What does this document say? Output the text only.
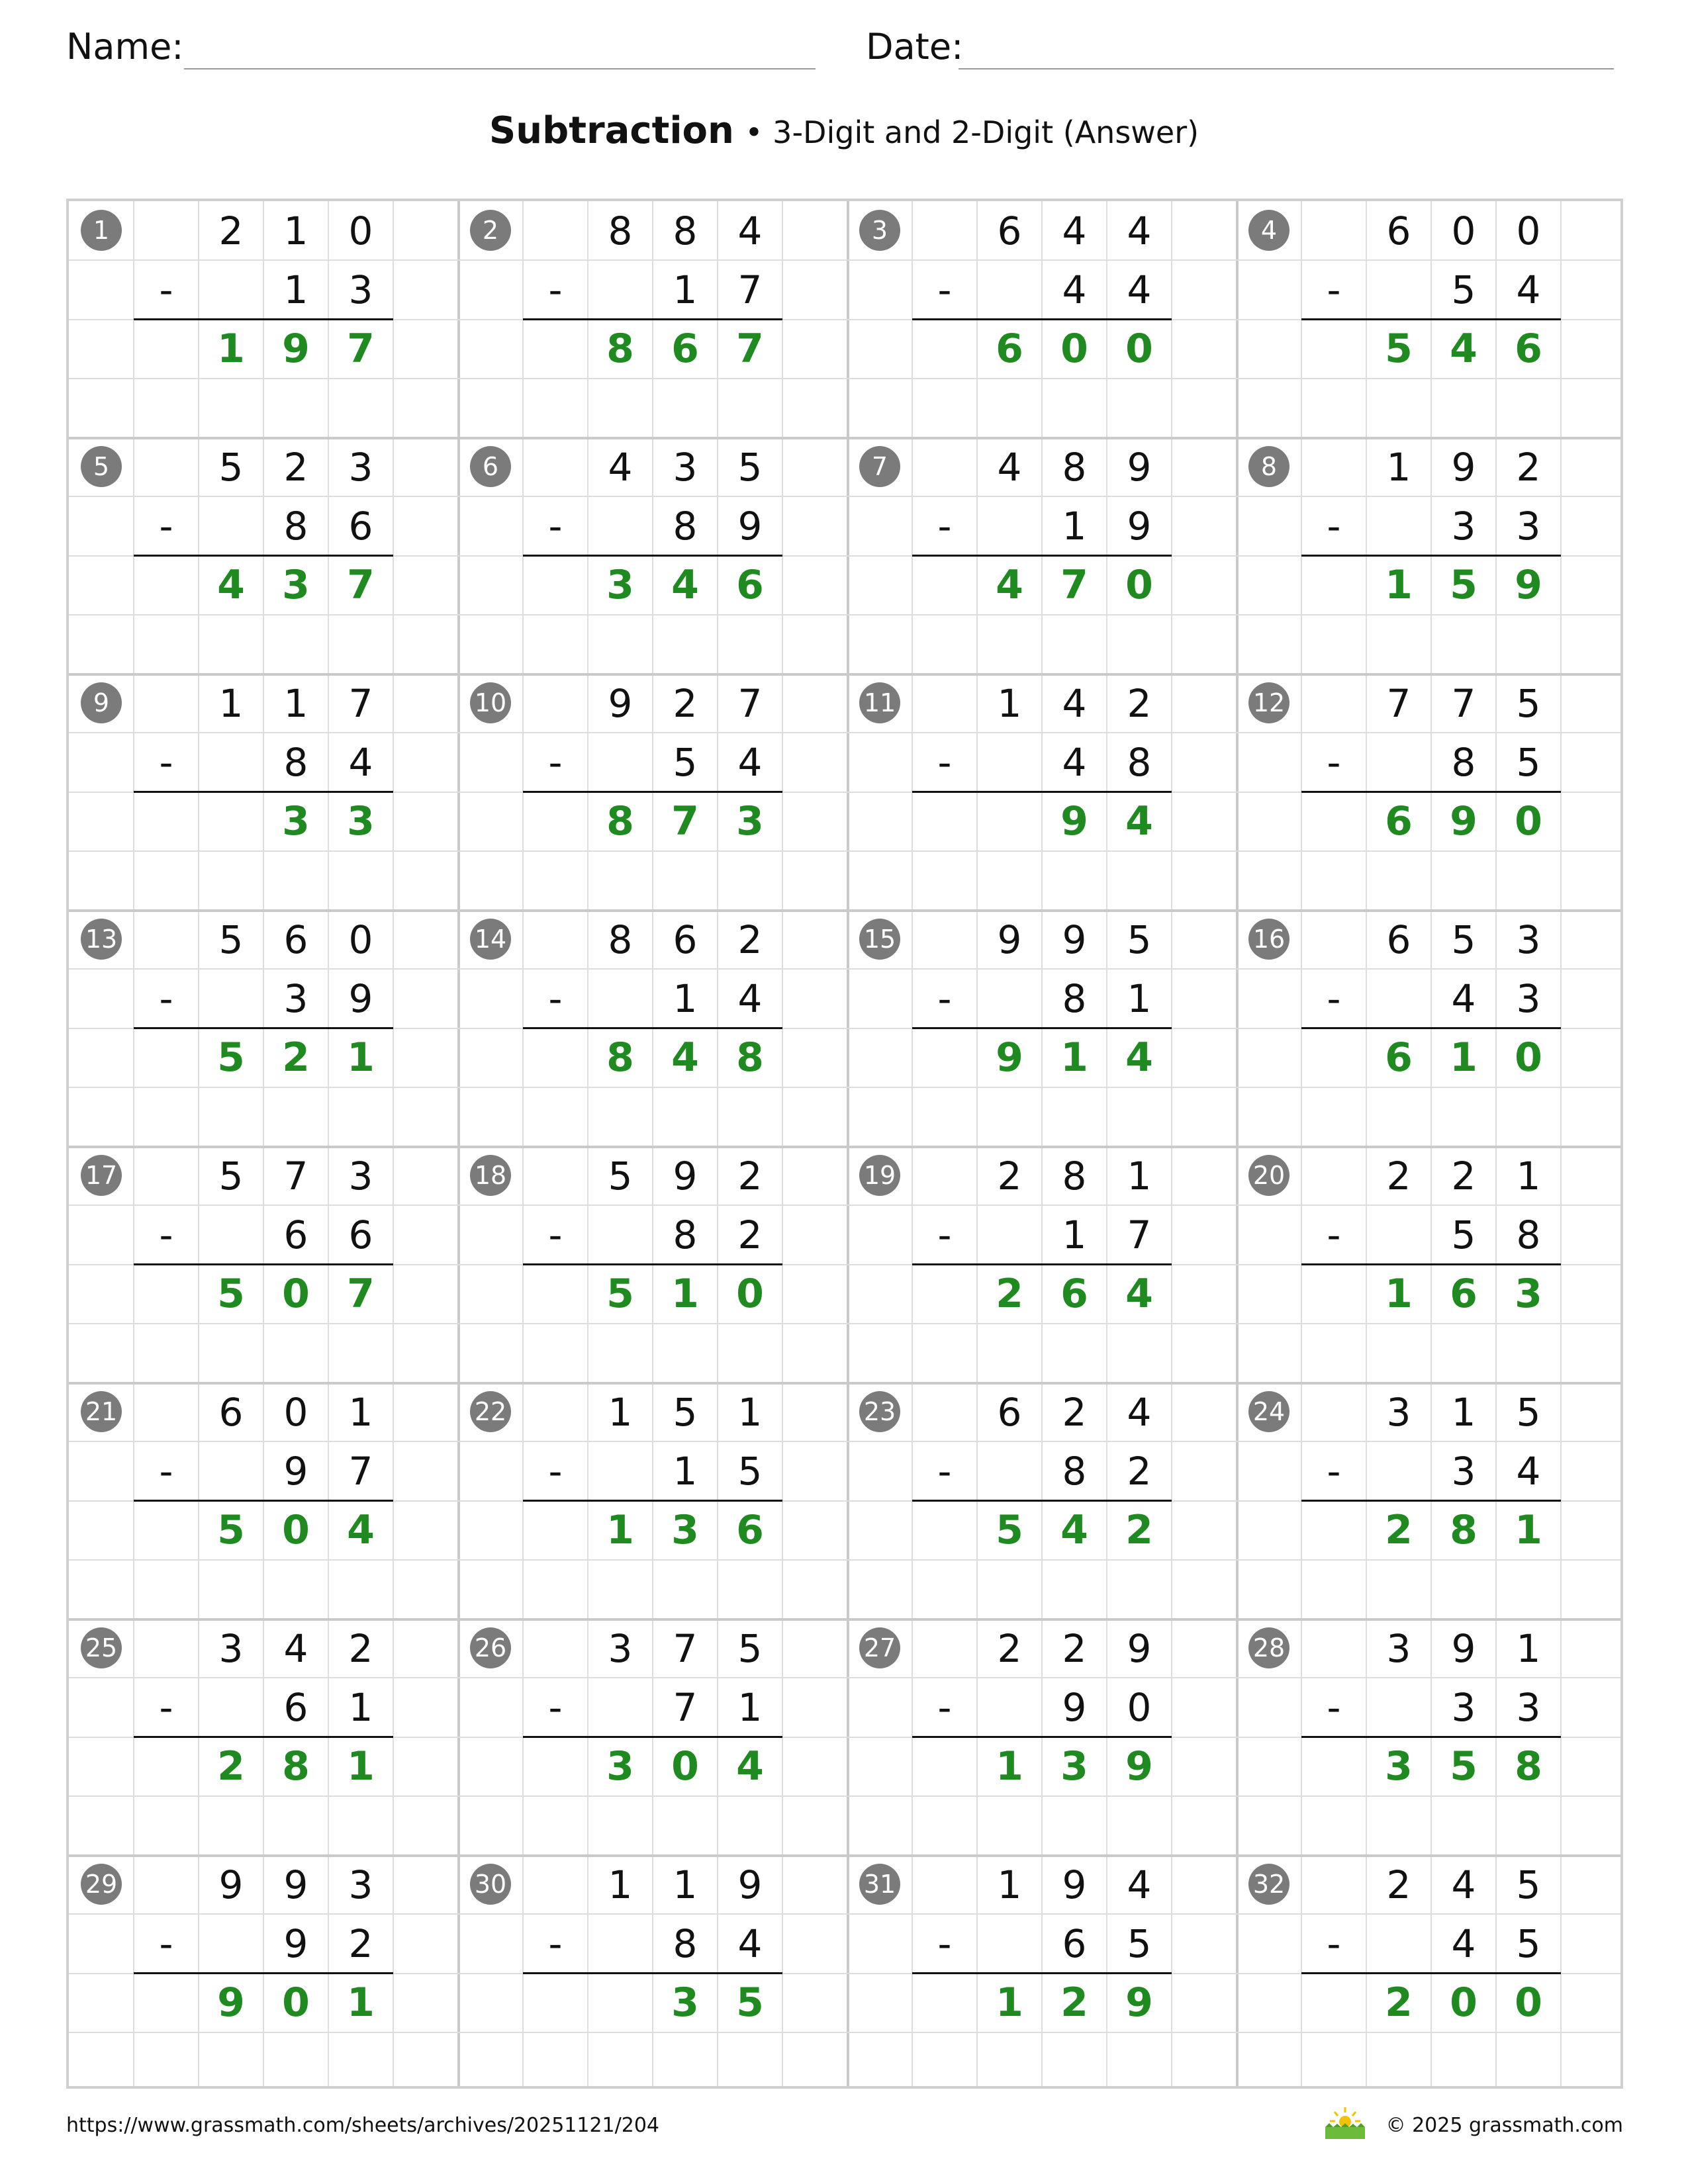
Name:	Date:
Subtraction • 3-Digit and 2-Digit (Answer)
1	2	1	0
-	1	3
1 9 7
2	8	8	4
-	1	7
8 6 7
3	6	4	4
-	4	4
6 0 0
4	6	0	0
-	5	4
5 4 6
5	5	2	3
-	8	6
4 3 7
6	4	3	5
-	8	9
3 4 6
7	4	8	9
-	1	9
4 7 0
8	1	9	2
-	3	3
1 5 9
9	1	1	7
-	8	4
3 3
10	9	2	7
-	5	4
8 7 3
11	1	4	2
-	4	8
9 4
12	7	7	5
-	8	5
6 9 0
13	5	6	0
-	3	9
5 2 1
14	8	6	2
-	1	4
8 4 8
15	9	9	5
-	8	1
9 1 4
16	6	5	3
-	4	3
6 1 0
17	5	7	3
-	6	6
5 0 7
18	5	9	2
-	8	2
5 1 0
19	2	8	1
-	1	7
2 6 4
20	2	2	1
-	5	8
1 6 3
21	6	0	1
-	9	7
5 0 4
22	1	5	1
-	1	5
1 3 6
23	6	2	4
-	8	2
5 4 2
24	3	1	5
-	3	4
2 8 1
25	3	4	2
-	6	1
2 8 1
26	3	7	5
-	7	1
3 0 4
27	2	2	9
-	9	0
1 3 9
28	3	9	1
-	3	3
3 5 8
29	9	9	3
-	9	2
9 0 1
30	1	1	9
-	8	4
3 5
31	1	9	4
-	6	5
1 2 9
32	2	4	5
-	4	5
2 0 0
https://www.grassmath.com/sheets/archives/20251121/204	© 2025 grassmath.com
